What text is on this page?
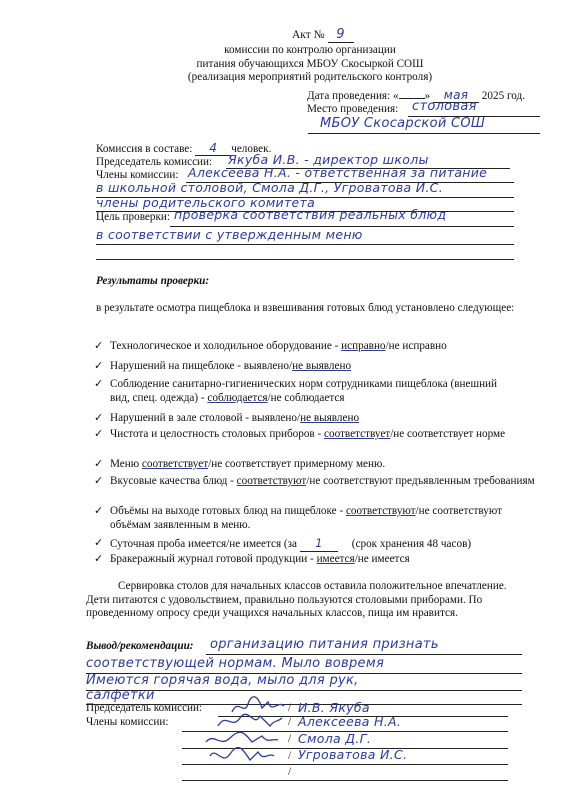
Акт № 9
комиссии по контролю организации
питания обучающихся МБОУ Скосыркой СОШ
(реализация мероприятий родительского контроля)
Дата проведения: « » мая 2025 год.
Место проведения: столовая
МБОУ Скосарской СОШ
Комиссия в составе: 4 человек.
Председатель комиссии: Якуба И.В. - директор школы
Члены комиссии: Алексеева Н.А. - ответственная за питание
в школьной столовой, Смола Д.Г., Угроватова И.С.
члены родительского комитета
Цель проверки: проверка соответствия реальных блюд
в соответствии с утвержденным меню
Результаты проверки:
в результате осмотра пищеблока и взвешивания готовых блюд установлено следующее:
✓ Технологическое и холодильное оборудование - исправно/не исправно
✓ Нарушений на пищеблоке - выявлено/не выявлено
✓ Соблюдение санитарно-гигиенических норм сотрудниками пищеблока (внешний вид, спец. одежда) - соблюдается/не соблюдается
✓ Нарушений в зале столовой - выявлено/не выявлено
✓ Чистота и целостность столовых приборов - соответствует/не соответствует норме
✓ Меню соответствует/не соответствует примерному меню.
✓ Вкусовые качества блюд - соответствуют/не соответствуют предъявленным требованиям
✓ Объёмы на выходе готовых блюд на пищеблоке - соответствуют/не соответствуют объёмам заявленным в меню.
✓ Суточная проба имеется/не имеется (за 1     (срок хранения 48 часов)
✓ Бракеражный журнал готовой продукции - имеется/не имеется
Сервировка столов для начальных классов оставила положительное впечатление. Дети питаются с удовольствием, правильно пользуются столовыми приборами. По проведенному опросу среди учащихся начальных классов, пища им нравится.
Вывод/рекомендации: организацию питания признать
соответствующей нормам. Мыло вовремя
Имеются горячая вода, мыло для рук,
салфетки
Председатель комиссии:	/ И.В. Якуба
Члены комиссии:	/ Алексеева Н.А.
/ Смола Д.Г.
/ Угроватова И.С.
/
